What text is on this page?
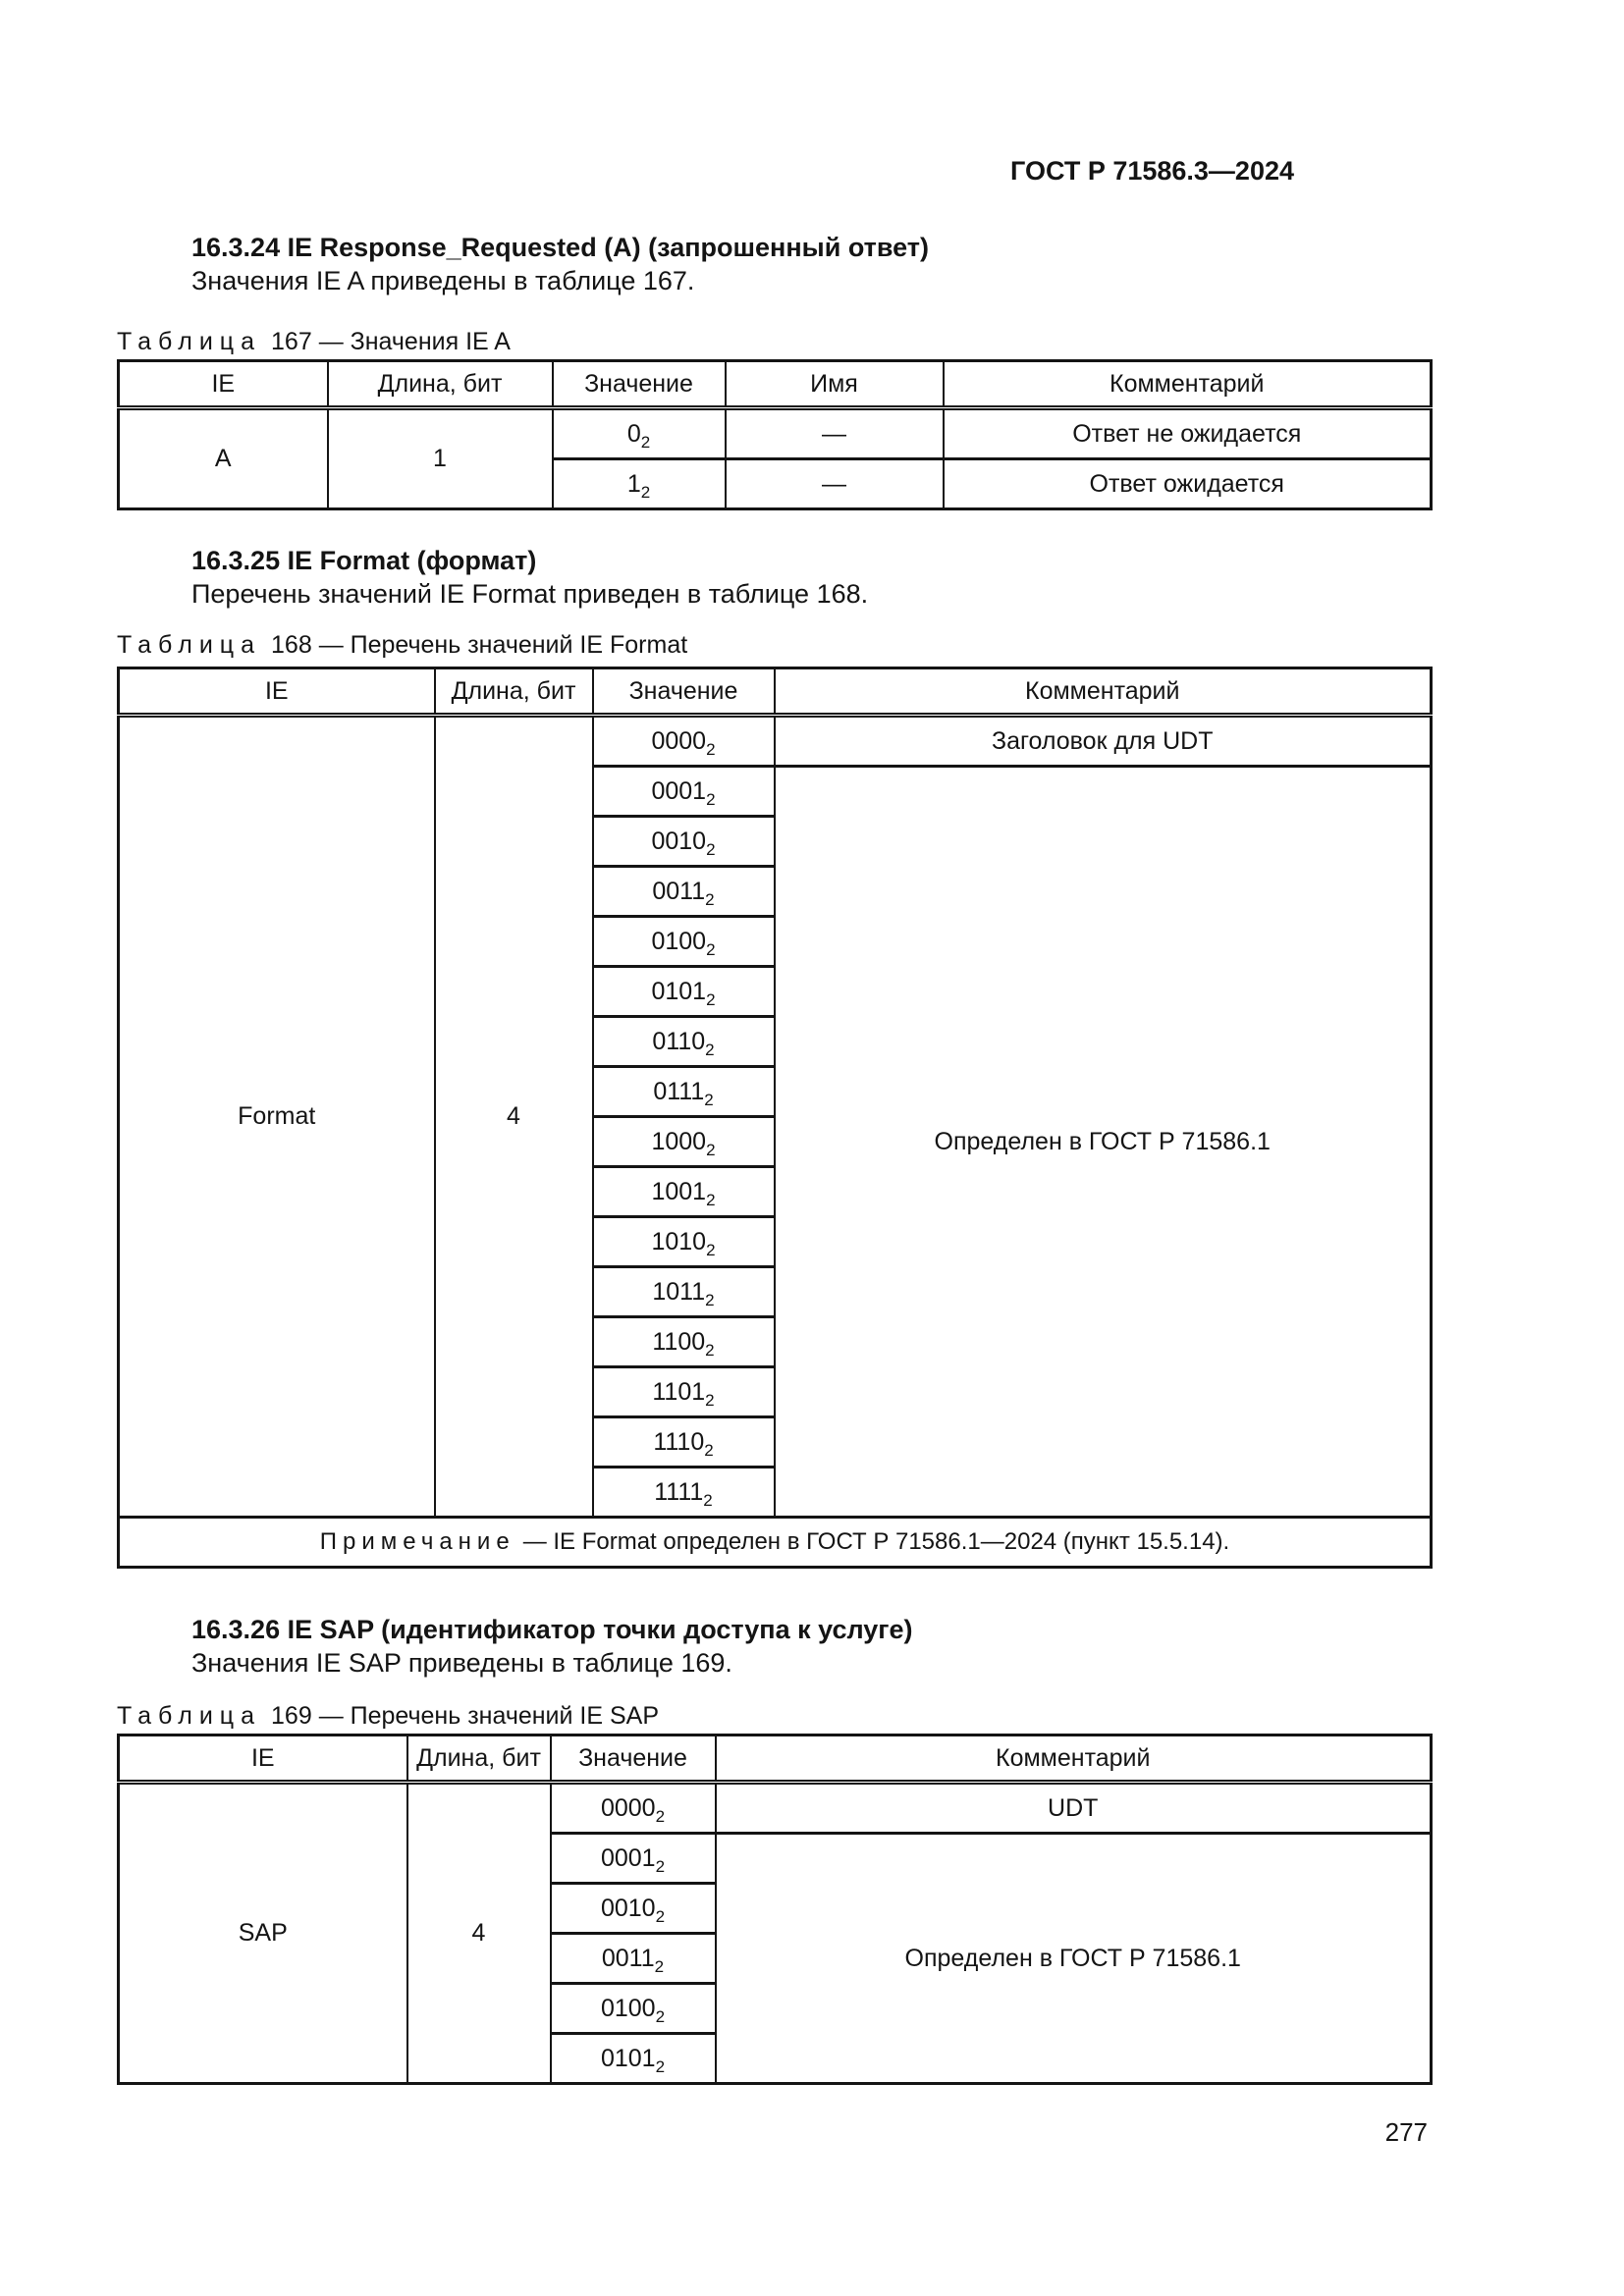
ГОСТ Р 71586.3—2024
16.3.24 IE Response_Requested (A) (запрошенный ответ)

Значения IE A приведены в таблице 167.

Таблица 167 — Значения IE A

IE	Длина, бит	Значение	Имя	Комментарий
А	1	$0_2$	—	Ответ не ожидается
		$1_2$	—	Ответ ожидается
16.3.25 IE Format (формат)

Перечень значений IE Format приведен в таблице 168.

Таблица 168 — Перечень значений IE Format

IE	Длина, бит	Значение	Комментарий
Format	4	$0000_2$	Заголовок для UDT
		$0001_2$	Определен в ГОСТ Р 71586.1
		$0010_2$
		$0011_2$
		$0100_2$
		$0101_2$
		$0110_2$
		$0111_2$
		$1000_2$
		$1001_2$
		$1010_2$
		$1011_2$
		$1100_2$
		$1101_2$
		$1110_2$
		$1111_2$
Примечание — IE Format определен в ГОСТ Р 71586.1—2024 (пункт 15.5.14).			
16.3.26 IE SAP (идентификатор точки доступа к услуге)

Значения IE SAP приведены в таблице 169.

Таблица 169 — Перечень значений IE SAP

IE	Длина, бит	Значение	Комментарий
SAP	4	$0000_2$	UDT
		$0001_2$	Определен в ГОСТ Р 71586.1
		$0010_2$
		$0011_2$
		$0100_2$
		$0101_2$
277
